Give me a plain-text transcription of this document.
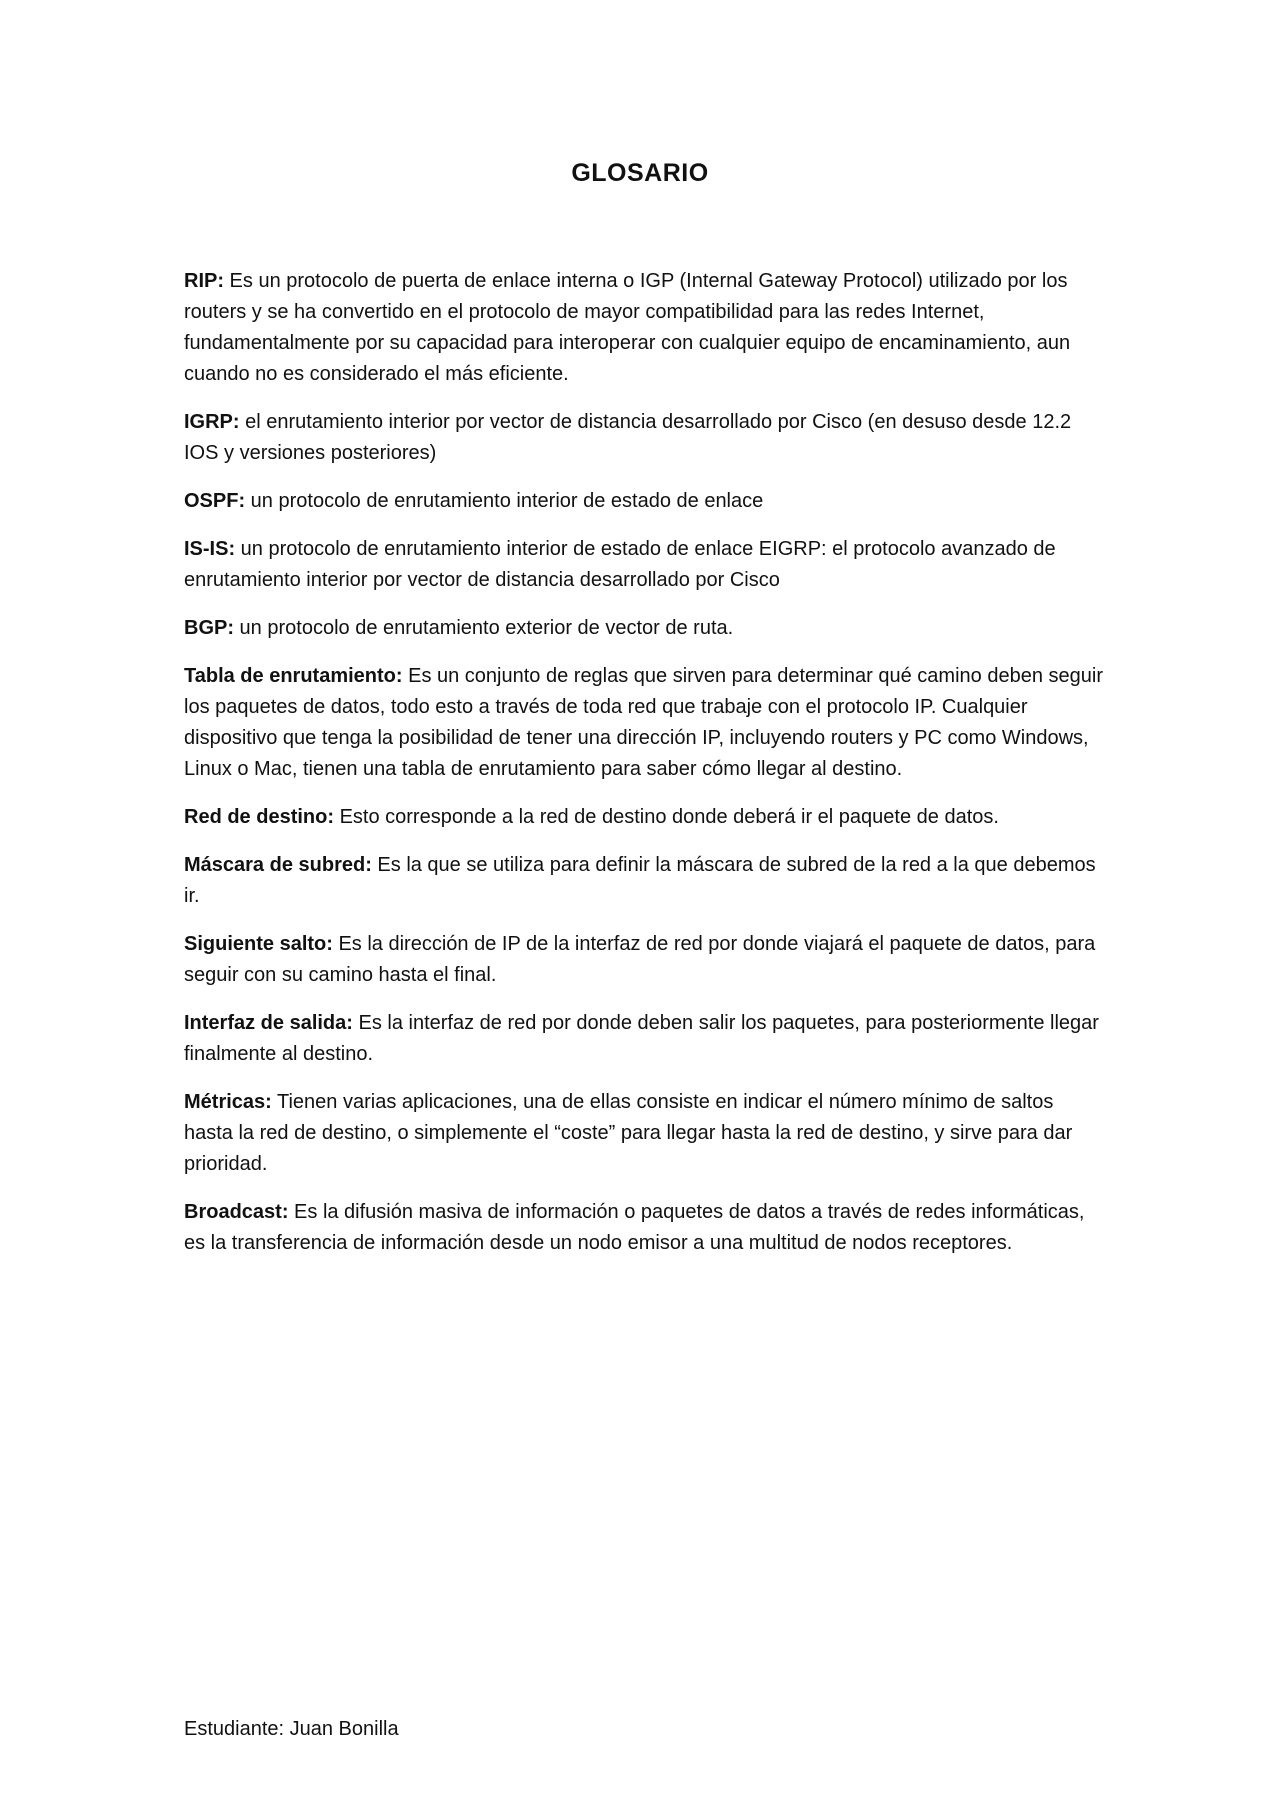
GLOSARIO

RIP: Es un protocolo de puerta de enlace interna o IGP (Internal Gateway Protocol) utilizado por los routers y se ha convertido en el protocolo de mayor compatibilidad para las redes Internet, fundamentalmente por su capacidad para interoperar con cualquier equipo de encaminamiento, aun cuando no es considerado el más eficiente.

IGRP: el enrutamiento interior por vector de distancia desarrollado por Cisco (en desuso desde 12.2 IOS y versiones posteriores)

OSPF: un protocolo de enrutamiento interior de estado de enlace

IS-IS: un protocolo de enrutamiento interior de estado de enlace EIGRP: el protocolo avanzado de enrutamiento interior por vector de distancia desarrollado por Cisco

BGP: un protocolo de enrutamiento exterior de vector de ruta.

Tabla de enrutamiento: Es un conjunto de reglas que sirven para determinar qué camino deben seguir los paquetes de datos, todo esto a través de toda red que trabaje con el protocolo IP. Cualquier dispositivo que tenga la posibilidad de tener una dirección IP, incluyendo routers y PC como Windows, Linux o Mac, tienen una tabla de enrutamiento para saber cómo llegar al destino.

Red de destino: Esto corresponde a la red de destino donde deberá ir el paquete de datos.

Máscara de subred: Es la que se utiliza para definir la máscara de subred de la red a la que debemos ir.

Siguiente salto: Es la dirección de IP de la interfaz de red por donde viajará el paquete de datos, para seguir con su camino hasta el final.

Interfaz de salida: Es la interfaz de red por donde deben salir los paquetes, para posteriormente llegar finalmente al destino.

Métricas: Tienen varias aplicaciones, una de ellas consiste en indicar el número mínimo de saltos hasta la red de destino, o simplemente el “coste” para llegar hasta la red de destino, y sirve para dar prioridad.

Broadcast: Es la difusión masiva de información o paquetes de datos a través de redes informáticas, es la transferencia de información desde un nodo emisor a una multitud de nodos receptores.

Estudiante: Juan Bonilla
